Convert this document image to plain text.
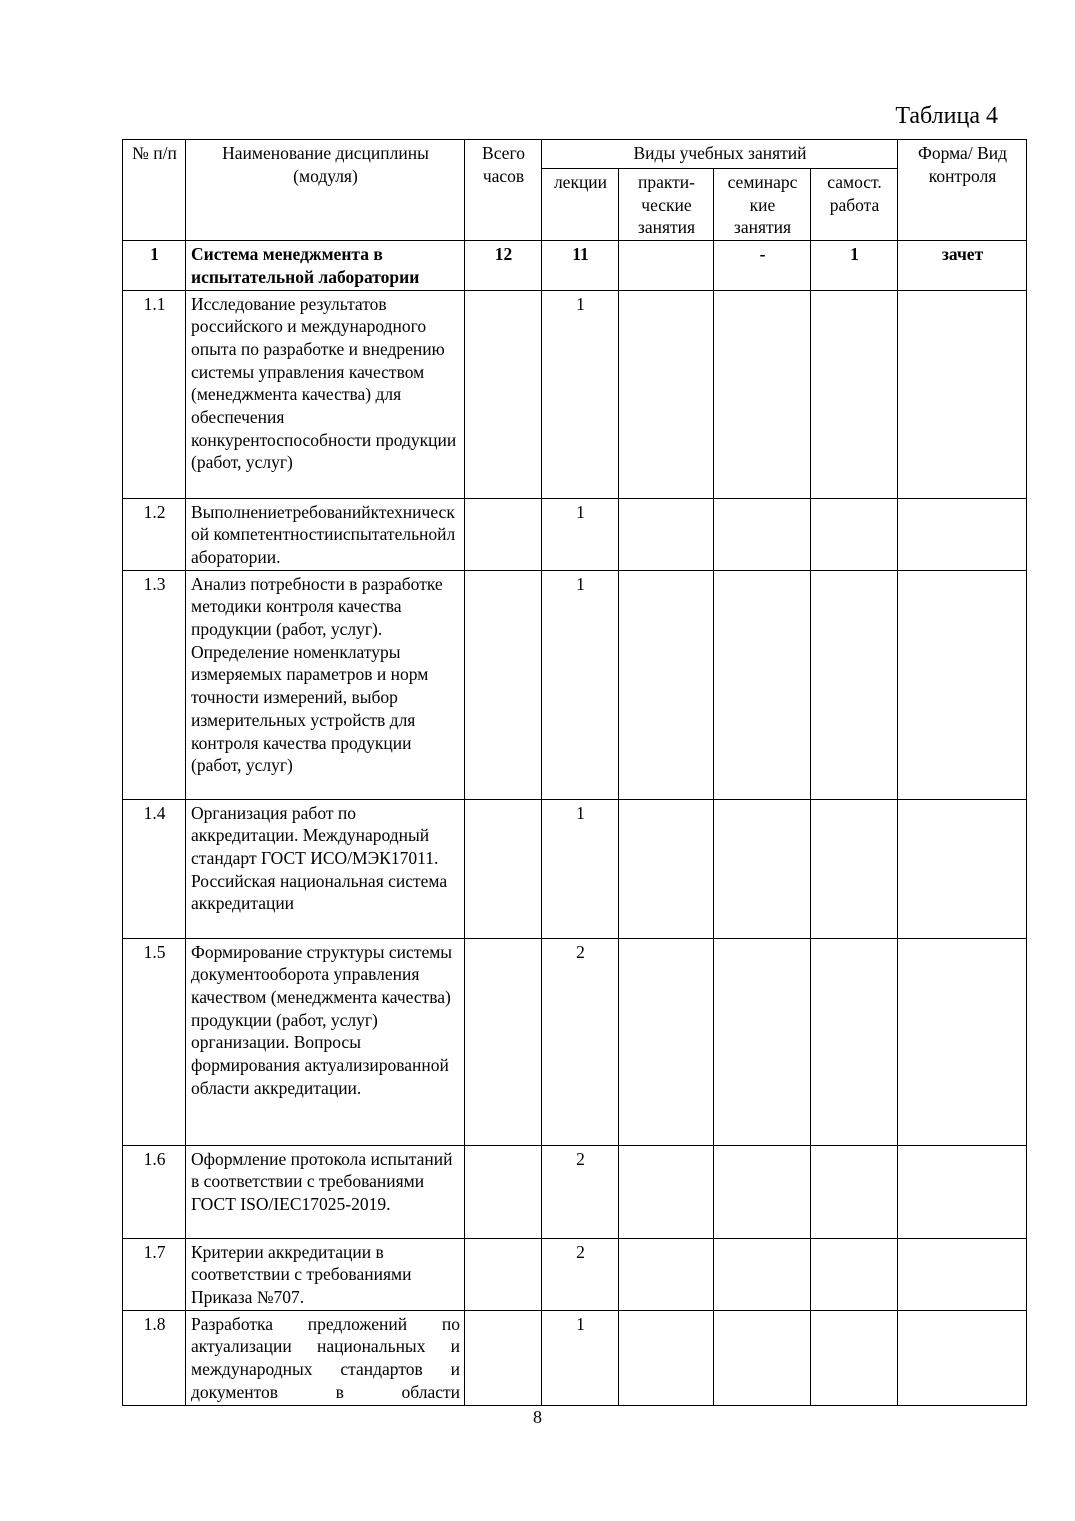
Таблица 4
№ п/п	Наименование дисциплины (модуля)	Всего часов	Виды учебных занятий				Форма/ Вид контроля
			лекции	практи-ческие занятия	семинарс кие занятия	самост. работа	
1	Система менеджмента в испытательной лаборатории	12	11		-	1	зачет
1.1	Исследование результатов российского и международного опыта по разработке и внедрению системы управления качеством (менеджмента качества) для обеспечения конкурентоспособности продукции (работ, услуг)		1				
1.2	Выполнениетребованийктехнической компетентностииспытательнойлаборатории.		1				
1.3	Анализ потребности в разработке методики контроля качества продукции (работ, услуг). Определение номенклатуры измеряемых параметров и норм точности измерений, выбор измерительных устройств для контроля качества продукции (работ, услуг)		1				
1.4	Организация работ по аккредитации. Международный стандарт ГОСТ ИСО/МЭК17011. Российская национальная система аккредитации		1				
1.5	Формирование структуры системы документооборота управления качеством (менеджмента качества) продукции (работ, услуг) организации. Вопросы формирования актуализированной области аккредитации.		2				
1.6	Оформление протокола испытаний в соответствии с требованиями ГОСТ ISO/IEC17025-2019.		2				
1.7	Критерии аккредитации в соответствии с требованиями Приказа №707.		2				
1.8	Разработка предложений по актуализации национальных и международных стандартов и документов в области		1				
8
